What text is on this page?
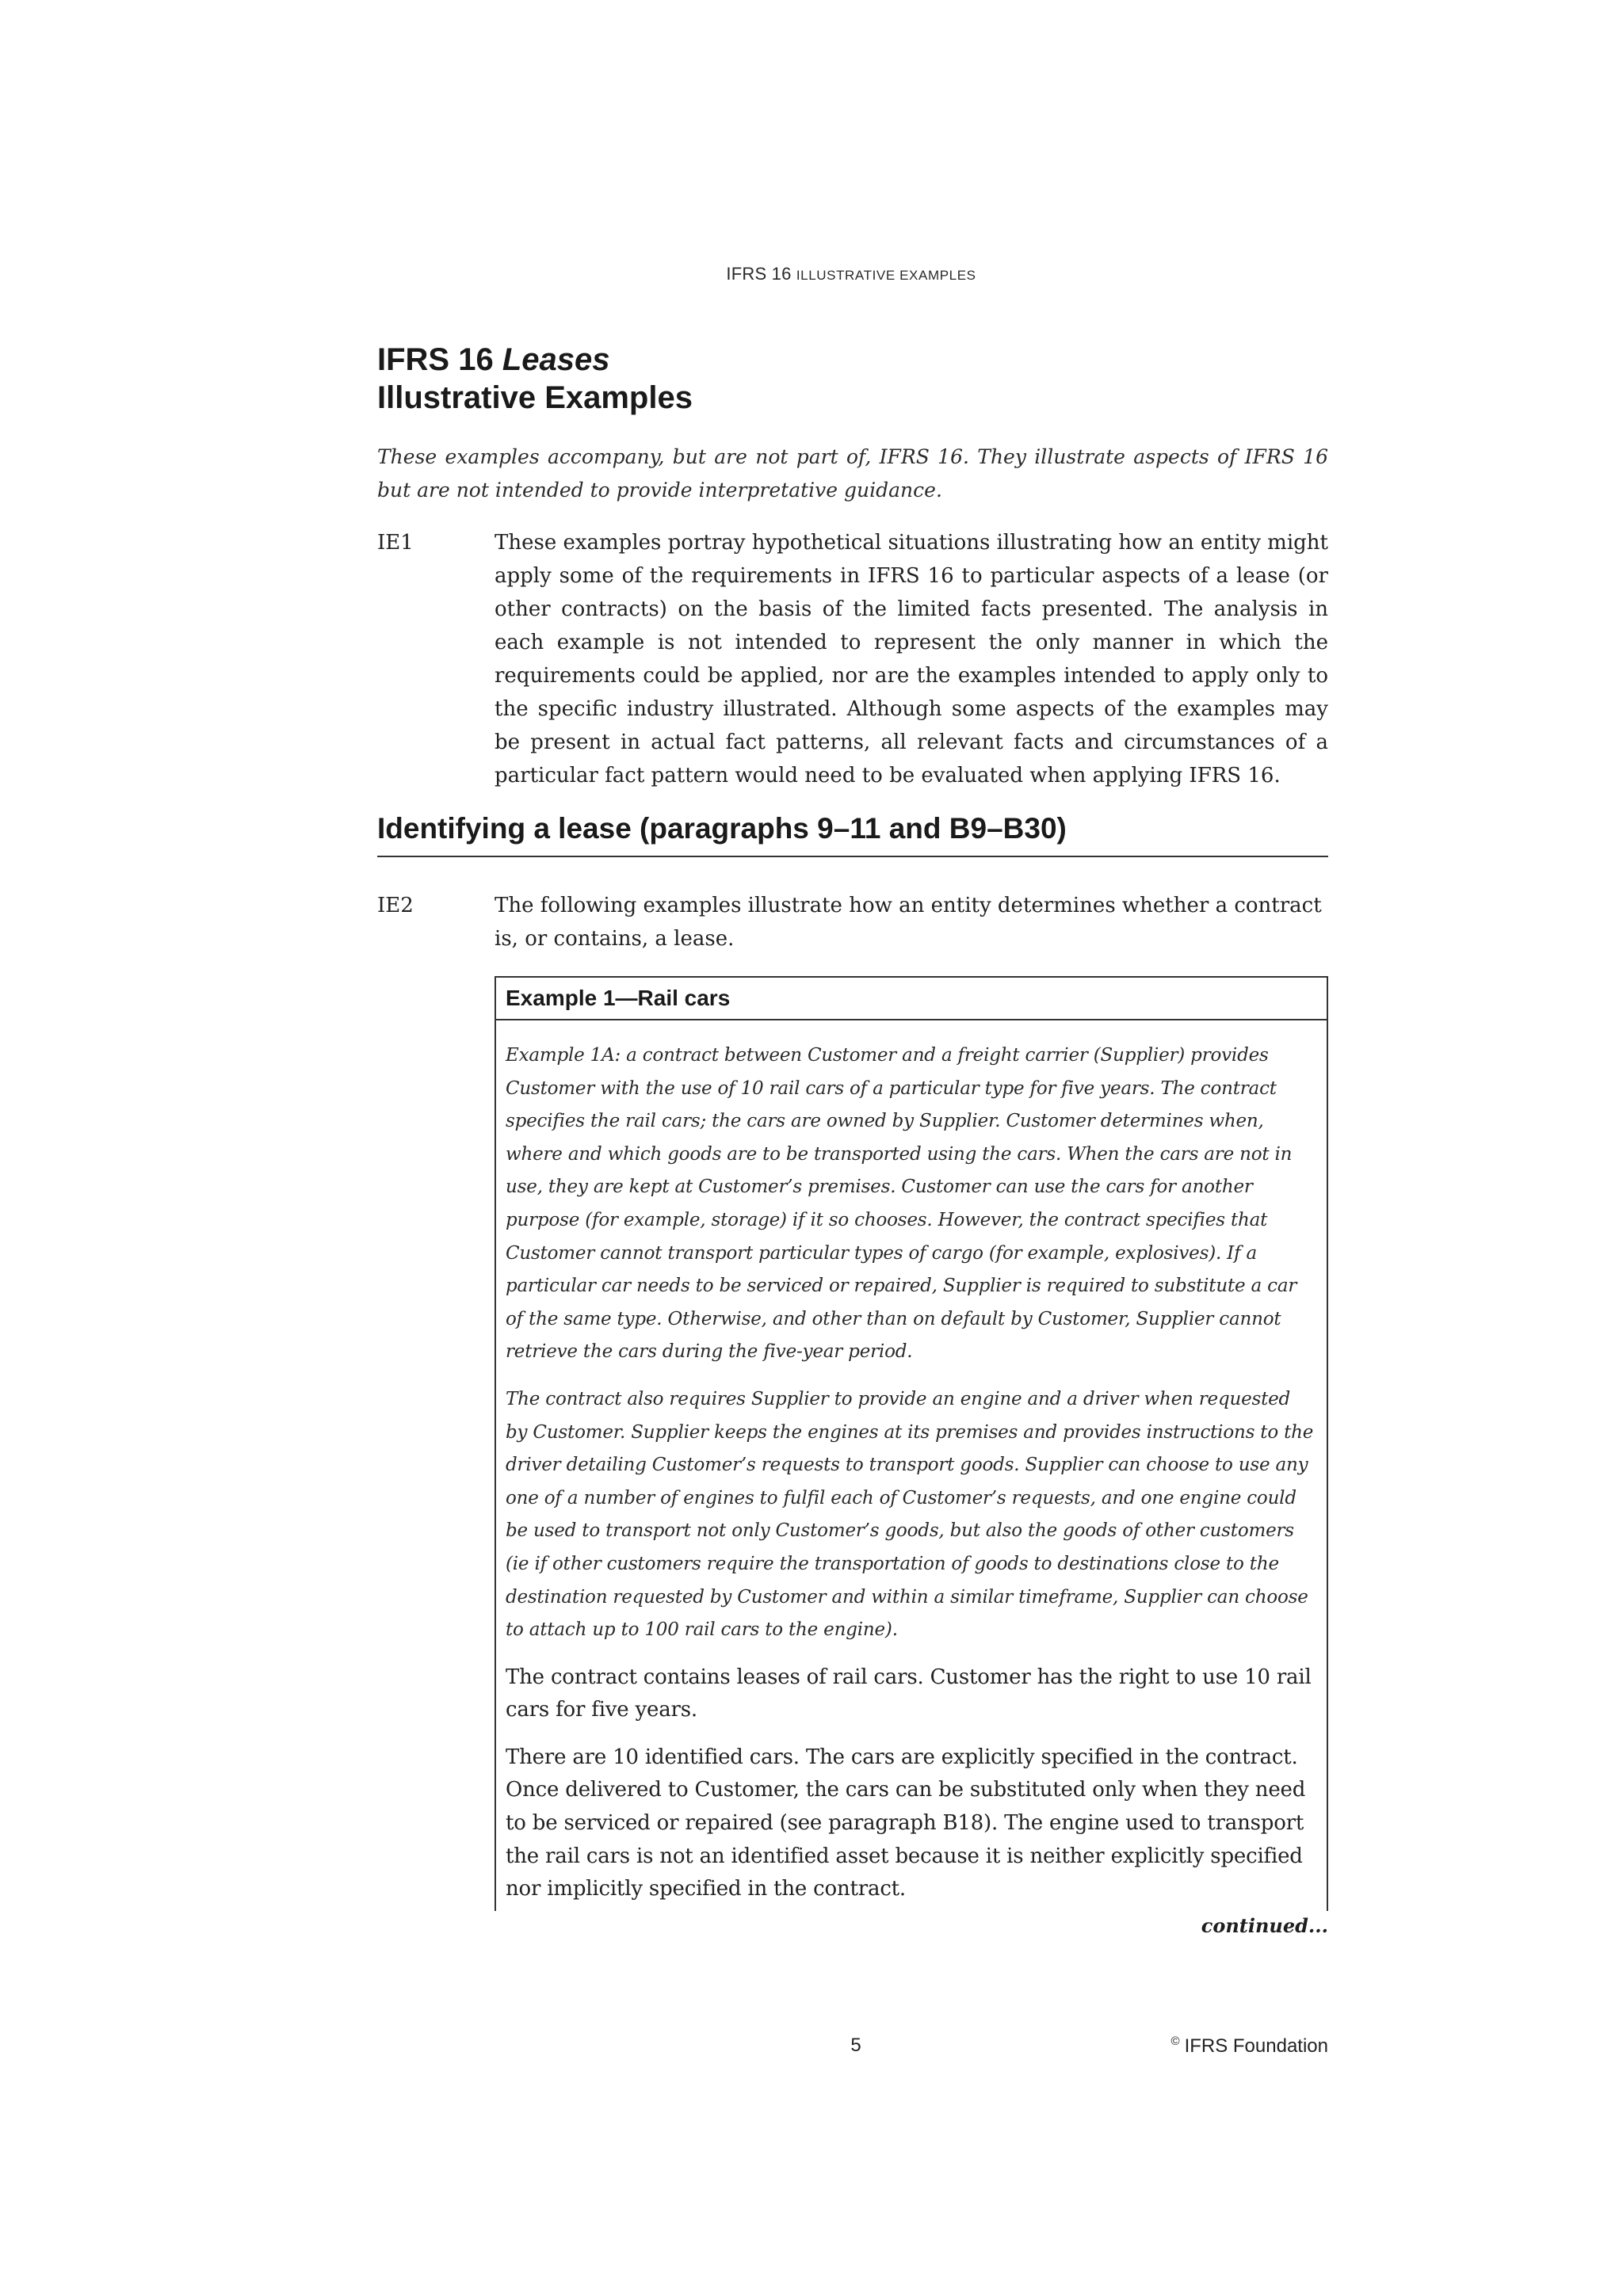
IFRS 16 ILLUSTRATIVE EXAMPLES
IFRS 16 Leases
Illustrative Examples

These examples accompany, but are not part of, IFRS 16. They illustrate aspects of IFRS 16 but are not intended to provide interpretative guidance.

IE1	These examples portray hypothetical situations illustrating how an entity might apply some of the requirements in IFRS 16 to particular aspects of a lease (or other contracts) on the basis of the limited facts presented. The analysis in each example is not intended to represent the only manner in which the requirements could be applied, nor are the examples intended to apply only to the specific industry illustrated. Although some aspects of the examples may be present in actual fact patterns, all relevant facts and circumstances of a particular fact pattern would need to be evaluated when applying IFRS 16.

Identifying a lease (paragraphs 9–11 and B9–B30)
IE2	The following examples illustrate how an entity determines whether a contract is, or contains, a lease.

Example 1—Rail cars

Example 1A: a contract between Customer and a freight carrier (Supplier) provides Customer with the use of 10 rail cars of a particular type for five years. The contract specifies the rail cars; the cars are owned by Supplier. Customer determines when, where and which goods are to be transported using the cars. When the cars are not in use, they are kept at Customer’s premises. Customer can use the cars for another purpose (for example, storage) if it so chooses. However, the contract specifies that Customer cannot transport particular types of cargo (for example, explosives). If a particular car needs to be serviced or repaired, Supplier is required to substitute a car of the same type. Otherwise, and other than on default by Customer, Supplier cannot retrieve the cars during the five-year period.

The contract also requires Supplier to provide an engine and a driver when requested by Customer. Supplier keeps the engines at its premises and provides instructions to the driver detailing Customer’s requests to transport goods. Supplier can choose to use any one of a number of engines to fulfil each of Customer’s requests, and one engine could be used to transport not only Customer’s goods, but also the goods of other customers (ie if other customers require the transportation of goods to destinations close to the destination requested by Customer and within a similar timeframe, Supplier can choose to attach up to 100 rail cars to the engine).

The contract contains leases of rail cars. Customer has the right to use 10 rail cars for five years.

There are 10 identified cars. The cars are explicitly specified in the contract. Once delivered to Customer, the cars can be substituted only when they need to be serviced or repaired (see paragraph B18). The engine used to transport the rail cars is not an identified asset because it is neither explicitly specified nor implicitly specified in the contract.

continued...
5	© IFRS Foundation
